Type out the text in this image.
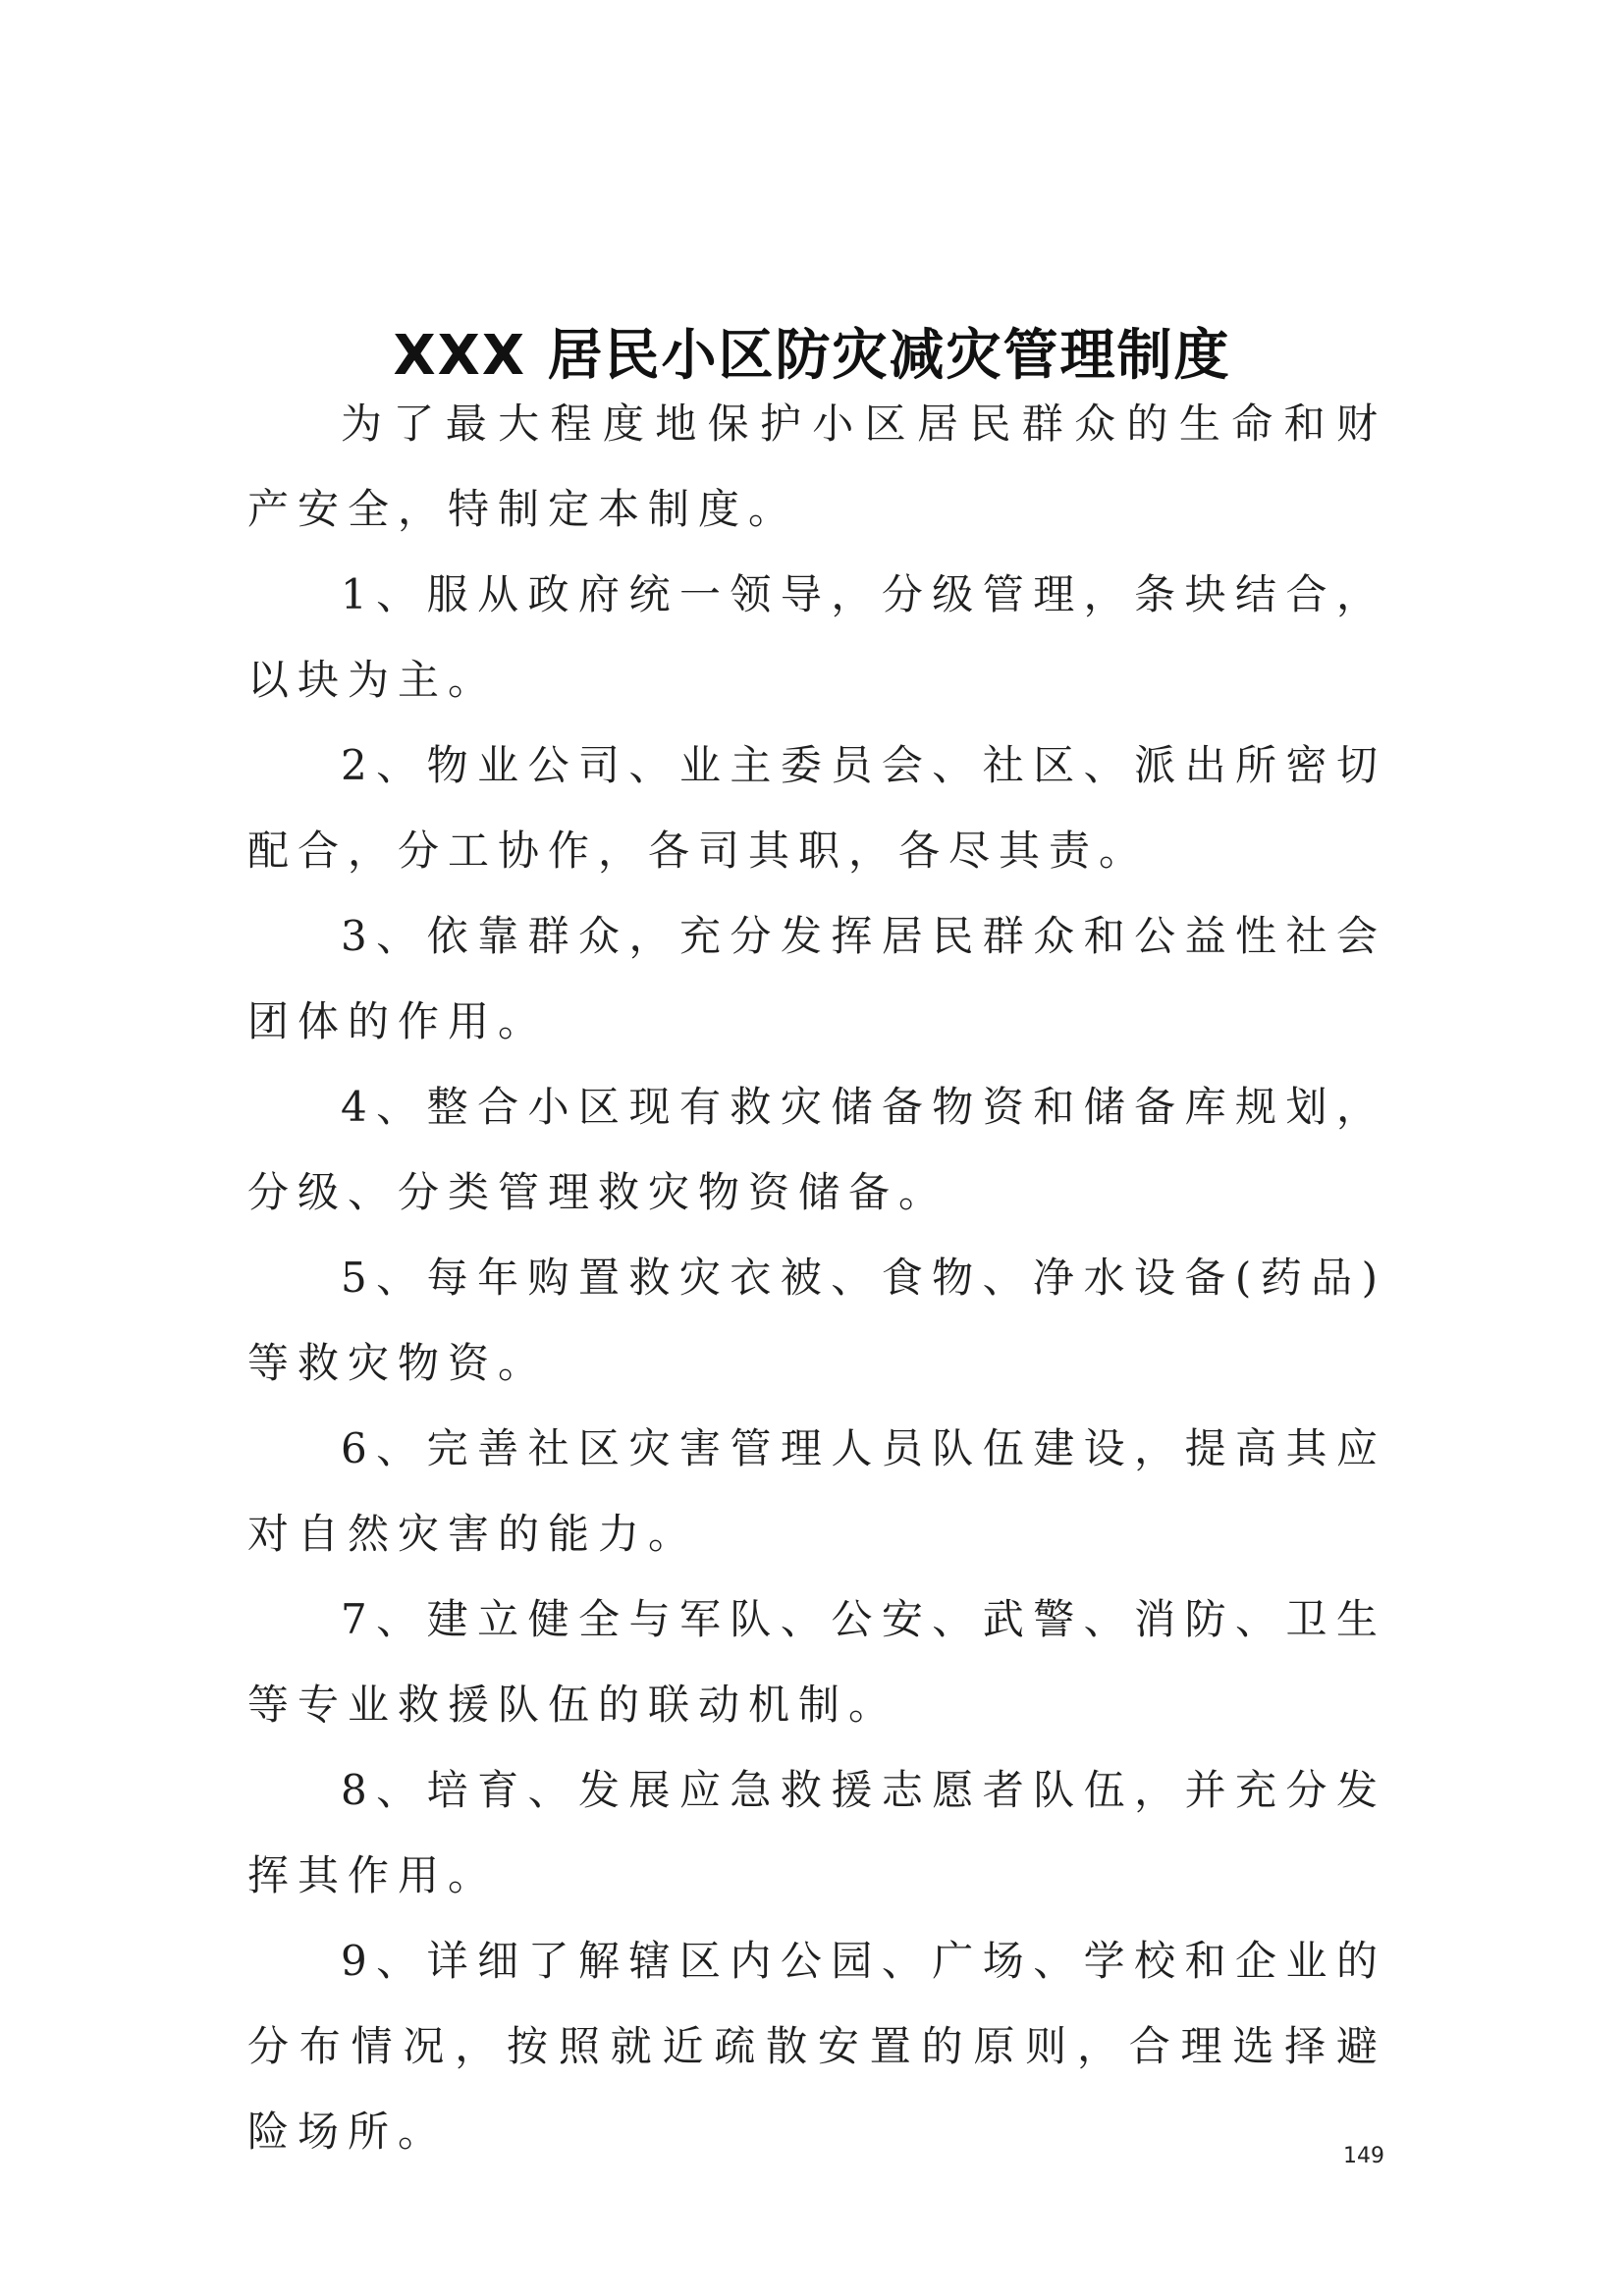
XXX 居民小区防灾减灾管理制度

为了最大程度地保护小区居民群众的生命和财产安全，特制定本制度。

1、服从政府统一领导，分级管理，条块结合，以块为主。

2、物业公司、业主委员会、社区、派出所密切配合，分工协作，各司其职，各尽其责。

3、依靠群众，充分发挥居民群众和公益性社会团体的作用。

4、整合小区现有救灾储备物资和储备库规划，分级、分类管理救灾物资储备。

5、每年购置救灾衣被、食物、净水设备(药品)等救灾物资。

6、完善社区灾害管理人员队伍建设，提高其应对自然灾害的能力。

7、建立健全与军队、公安、武警、消防、卫生等专业救援队伍的联动机制。

8、培育、发展应急救援志愿者队伍，并充分发挥其作用。

9、详细了解辖区内公园、广场、学校和企业的分布情况，按照就近疏散安置的原则，合理选择避险场所。

149
